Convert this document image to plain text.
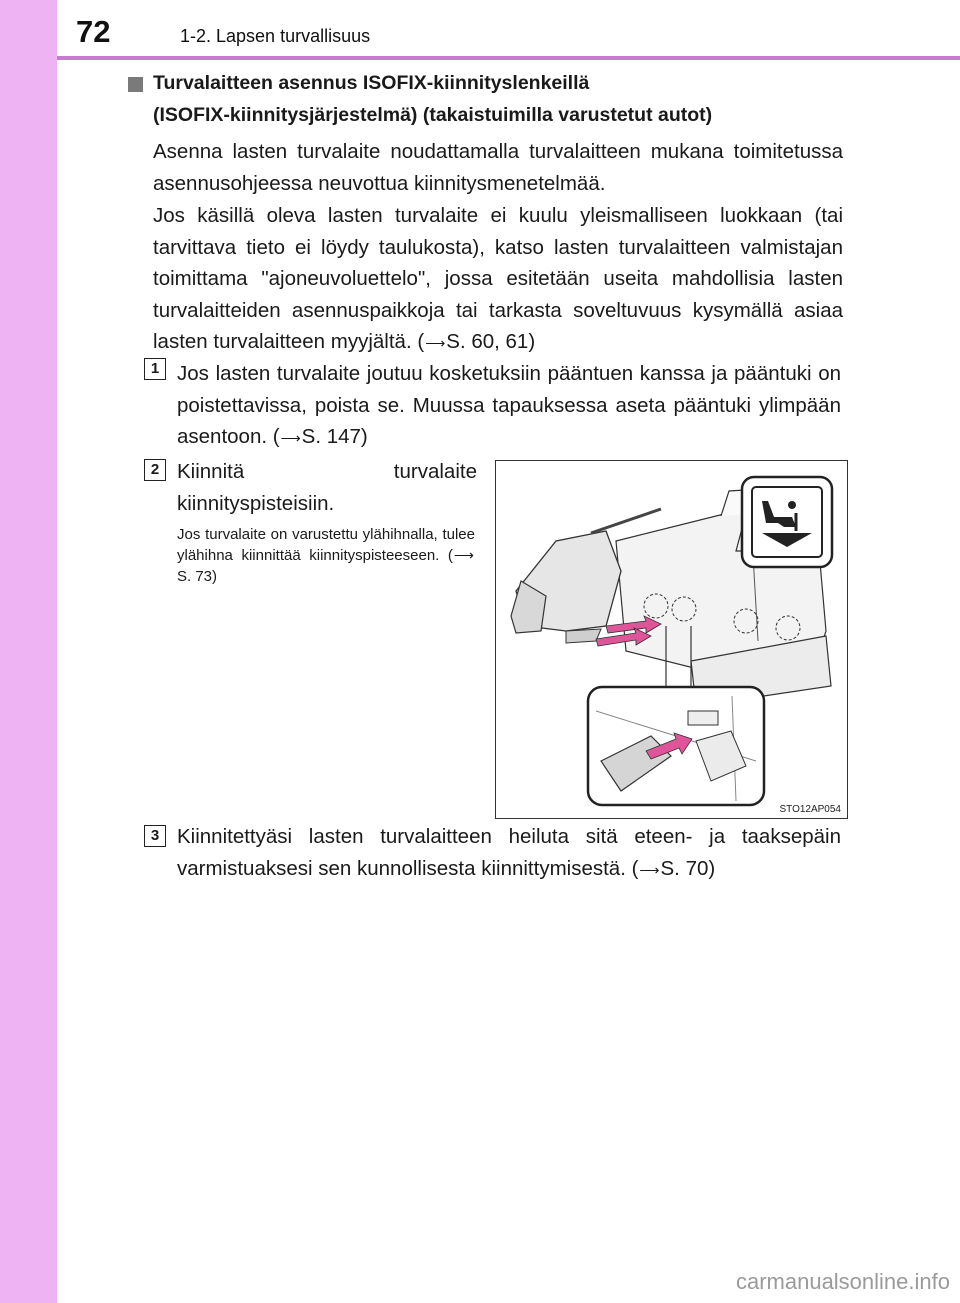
72	1-2. Lapsen turvallisuus
Turvalaitteen asennus ISOFIX-kiinnityslenkeillä
(ISOFIX-kiinnitysjärjestelmä) (takaistuimilla varustetut autot)
Asenna lasten turvalaite noudattamalla turvalaitteen mukana toimitetussa asennusohjeessa neuvottua kiinnitysmenetelmää.
Jos käsillä oleva lasten turvalaite ei kuulu yleismalliseen luokkaan (tai tarvittava tieto ei löydy taulukosta), katso lasten turvalaitteen valmistajan toimittama "ajoneuvoluettelo", jossa esitetään useita mahdollisia lasten turvalaitteiden asennuspaikkoja tai tarkasta soveltuvuus kysymällä asiaa lasten turvalaitteen myyjältä. (⟶S. 60, 61)
1 Jos lasten turvalaite joutuu kosketuksiin pääntuen kanssa ja pääntuki on poistettavissa, poista se. Muussa tapauksessa aseta pääntuki ylimpään asentoon. (⟶S. 147)
2 Kiinnitä turvalaite kiinnityspisteisiin.
Jos turvalaite on varustettu ylähihnalla, tulee ylähihna kiinnittää kiinnityspisteeseen. (⟶S. 73)
STO12AP054
3 Kiinnitettyäsi lasten turvalaitteen heiluta sitä eteen- ja taaksepäin varmistuaksesi sen kunnollisesta kiinnittymisestä. (⟶S. 70)
carmanualsonline.info
